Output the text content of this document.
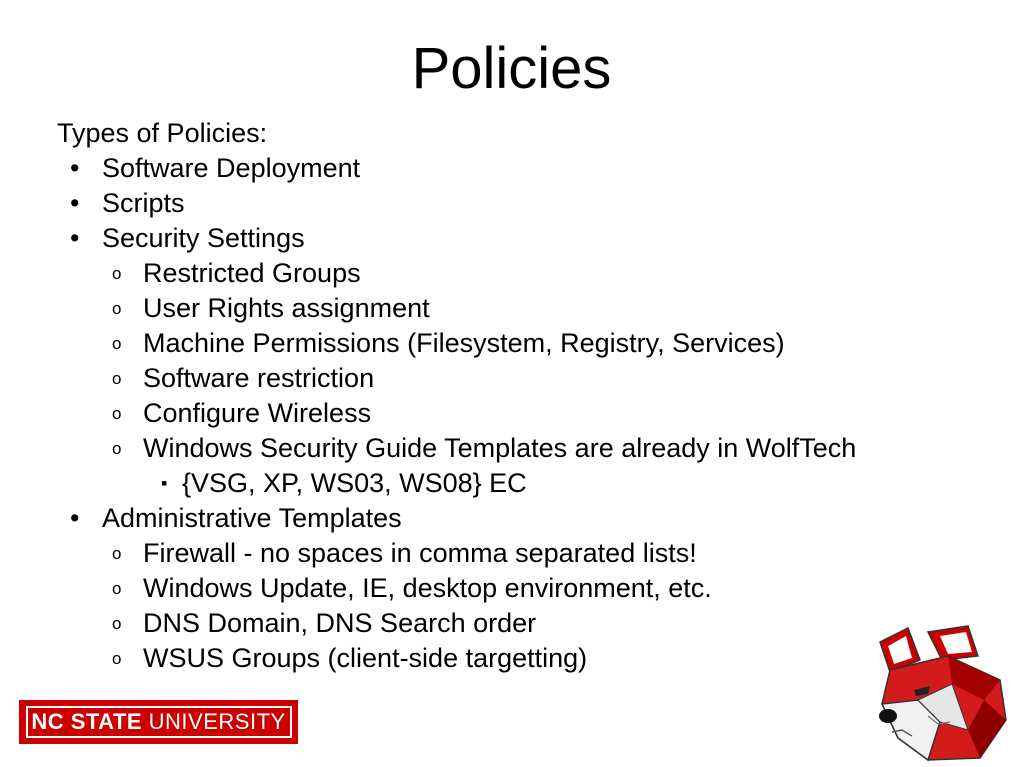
Policies
Types of Policies:
• Software Deployment
• Scripts
• Security Settings
o Restricted Groups
o User Rights assignment
o Machine Permissions (Filesystem, Registry, Services)
o Software restriction
o Configure Wireless
o Windows Security Guide Templates are already in WolfTech
▪ {VSG, XP, WS03, WS08} EC
• Administrative Templates
o Firewall - no spaces in comma separated lists!
o Windows Update, IE, desktop environment, etc.
o DNS Domain, DNS Search order
o WSUS Groups (client-side targetting)
NC STATE UNIVERSITY
